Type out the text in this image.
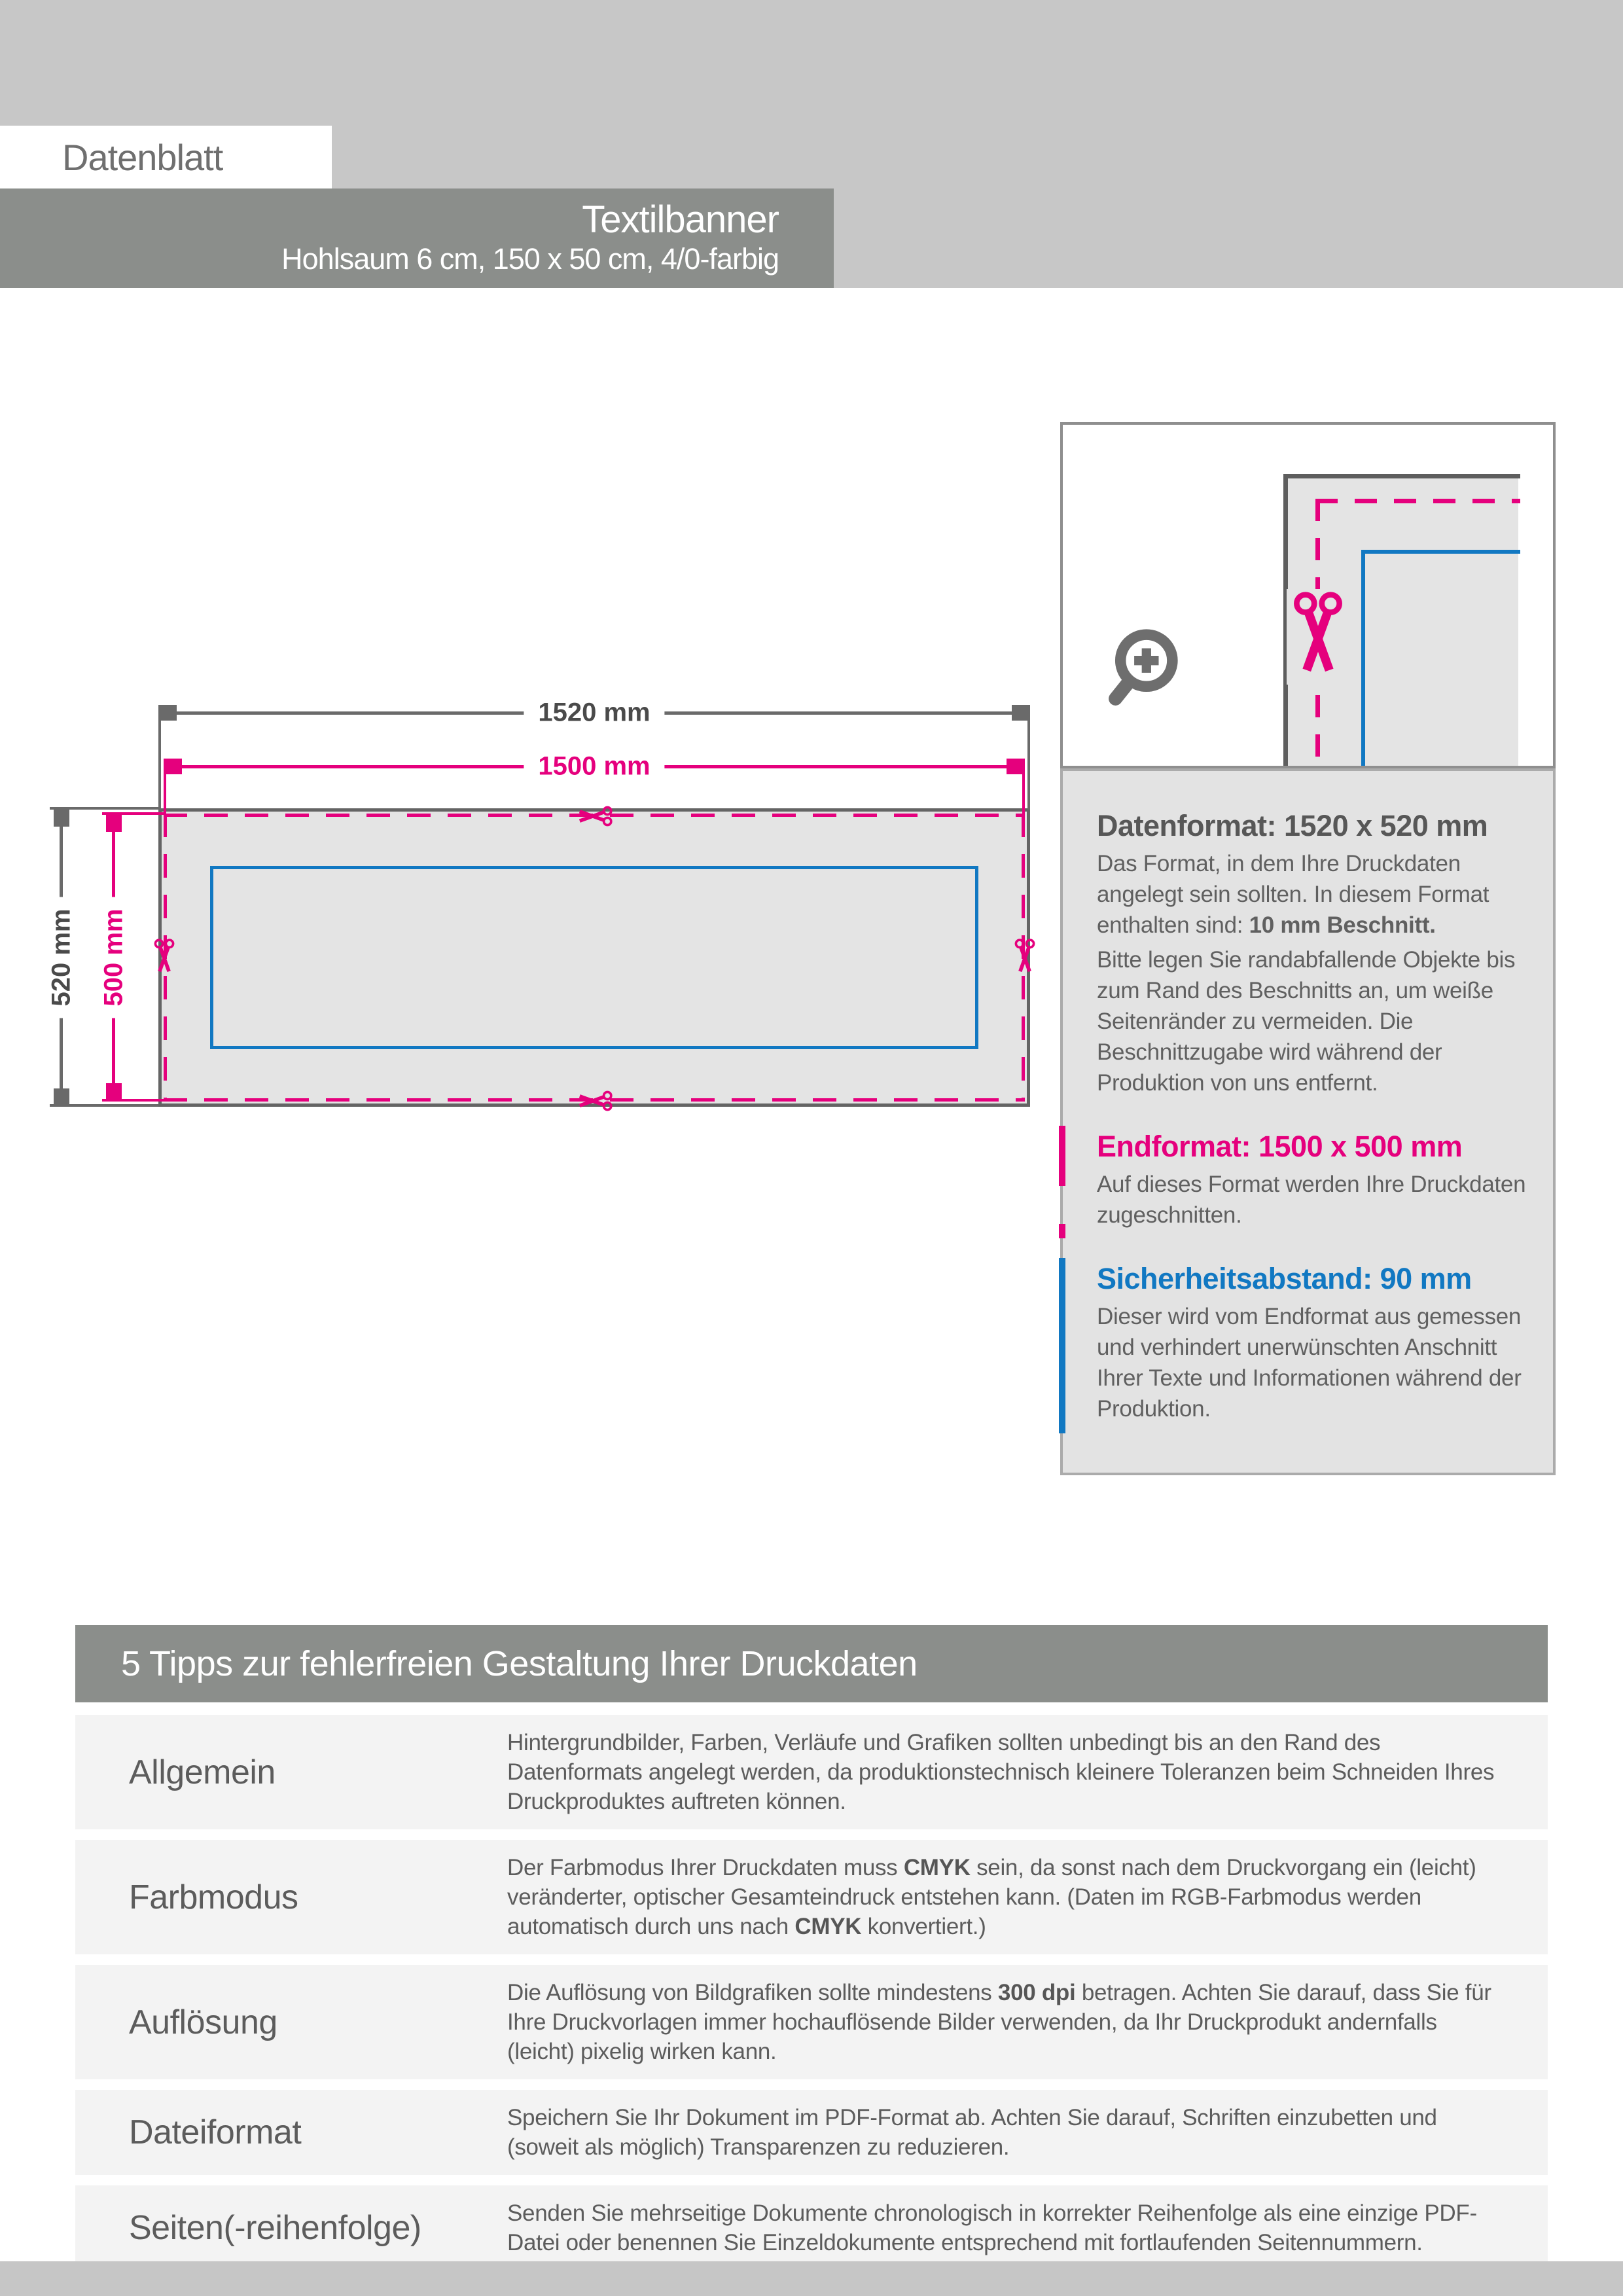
Datenblatt
Textilbanner
Hohlsaum 6 cm, 150 x 50 cm, 4/0-farbig
1520 mm
1500 mm
520 mm 500 mm
Datenformat: 1520 x 520 mm

Das Format, in dem Ihre Druckdaten angelegt sein sollten. In diesem Format enthalten sind: 10 mm Beschnitt.

Bitte legen Sie randabfallende Objekte bis zum Rand des Beschnitts an, um weiße Seitenränder zu vermeiden. Die Beschnittzugabe wird während der Produktion von uns entfernt.

Endformat: 1500 x 500 mm

Auf dieses Format werden Ihre Druckdaten zugeschnitten.

Sicherheitsabstand: 90 mm

Dieser wird vom Endformat aus gemessen und verhindert unerwünschten Anschnitt Ihrer Texte und Informationen während der Produktion.

5 Tipps zur fehlerfreien Gestaltung Ihrer Druckdaten
Allgemein
Hintergrundbilder, Farben, Verläufe und Grafiken sollten unbedingt bis an den Rand des Datenformats angelegt werden, da produktionstechnisch kleinere Toleranzen beim Schneiden Ihres Druckproduktes auftreten können.
Farbmodus
Der Farbmodus Ihrer Druckdaten muss CMYK sein, da sonst nach dem Druckvorgang ein (leicht) veränderter, optischer Gesamteindruck entstehen kann. (Daten im RGB-Farbmodus werden automatisch durch uns nach CMYK konvertiert.)
Auflösung
Die Auflösung von Bildgrafiken sollte mindestens 300 dpi betragen. Achten Sie darauf, dass Sie für Ihre Druckvorlagen immer hochauflösende Bilder verwenden, da Ihr Druckprodukt andernfalls (leicht) pixelig wirken kann.
Dateiformat	Speichern Sie Ihr Dokument im PDF-Format ab. Achten Sie darauf, Schriften einzubetten und (soweit als möglich) Transparenzen zu reduzieren.
Seiten(-reihenfolge)	Senden Sie mehrseitige Dokumente chronologisch in korrekter Reihenfolge als eine einzige PDF-Datei oder benennen Sie Einzeldokumente entsprechend mit fortlaufenden Seitennummern.
